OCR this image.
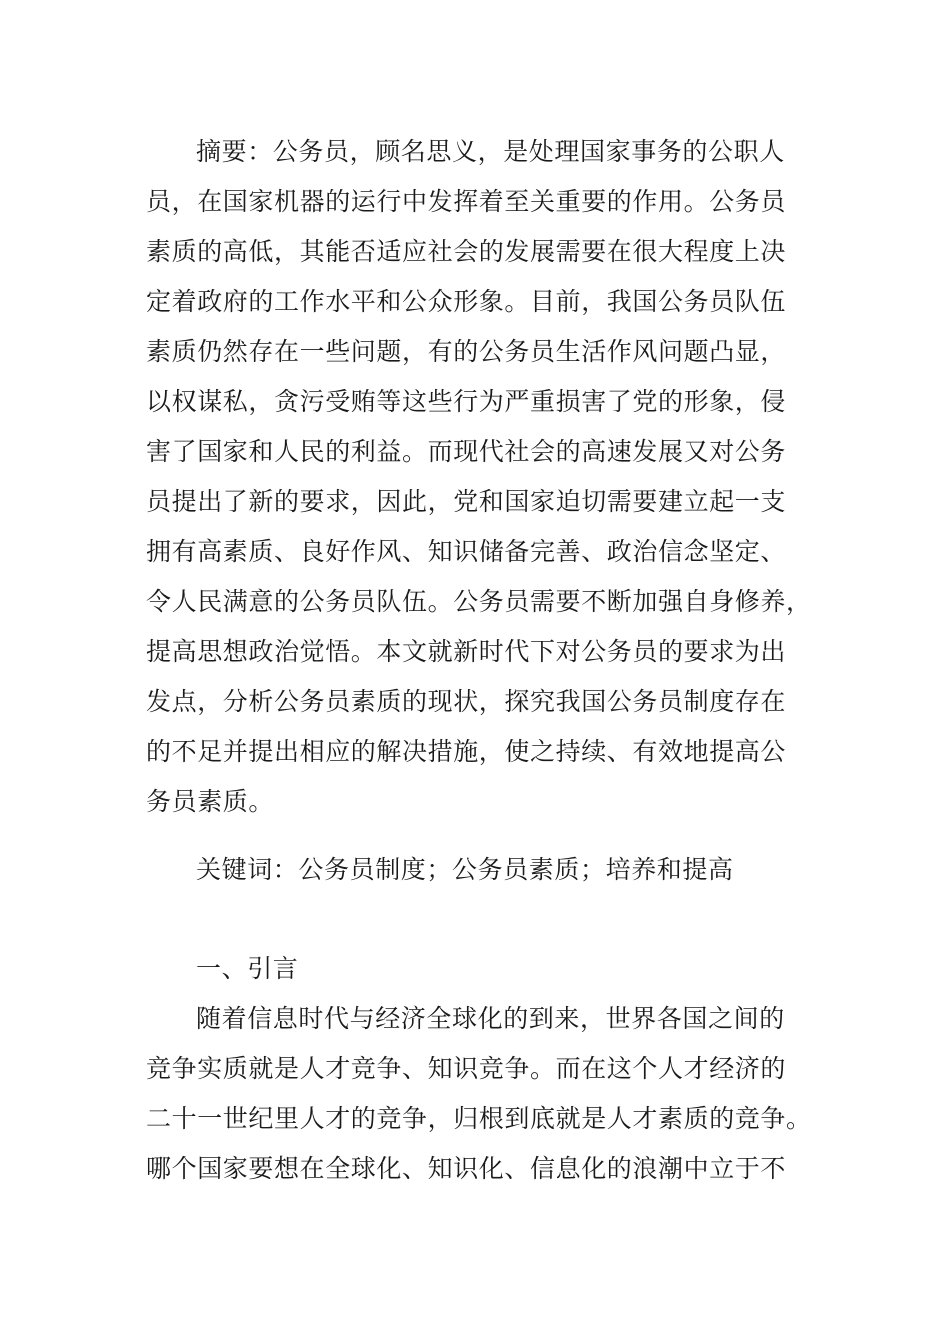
摘要：公务员，顾名思义，是处理国家事务的公职人
员，在国家机器的运行中发挥着至关重要的作用。公务员
素质的高低，其能否适应社会的发展需要在很大程度上决
定着政府的工作水平和公众形象。目前，我国公务员队伍
素质仍然存在一些问题，有的公务员生活作风问题凸显，
以权谋私，贪污受贿等这些行为严重损害了党的形象，侵
害了国家和人民的利益。而现代社会的高速发展又对公务
员提出了新的要求，因此，党和国家迫切需要建立起一支
拥有高素质、良好作风、知识储备完善、政治信念坚定、
令人民满意的公务员队伍。公务员需要不断加强自身修养，
提高思想政治觉悟。本文就新时代下对公务员的要求为出
发点，分析公务员素质的现状，探究我国公务员制度存在
的不足并提出相应的解决措施，使之持续、有效地提高公
务员素质。
关键词：公务员制度；公务员素质；培养和提高
一、引言
随着信息时代与经济全球化的到来，世界各国之间的
竞争实质就是人才竞争、知识竞争。而在这个人才经济的
二十一世纪里人才的竞争，归根到底就是人才素质的竞争。
哪个国家要想在全球化、知识化、信息化的浪潮中立于不
